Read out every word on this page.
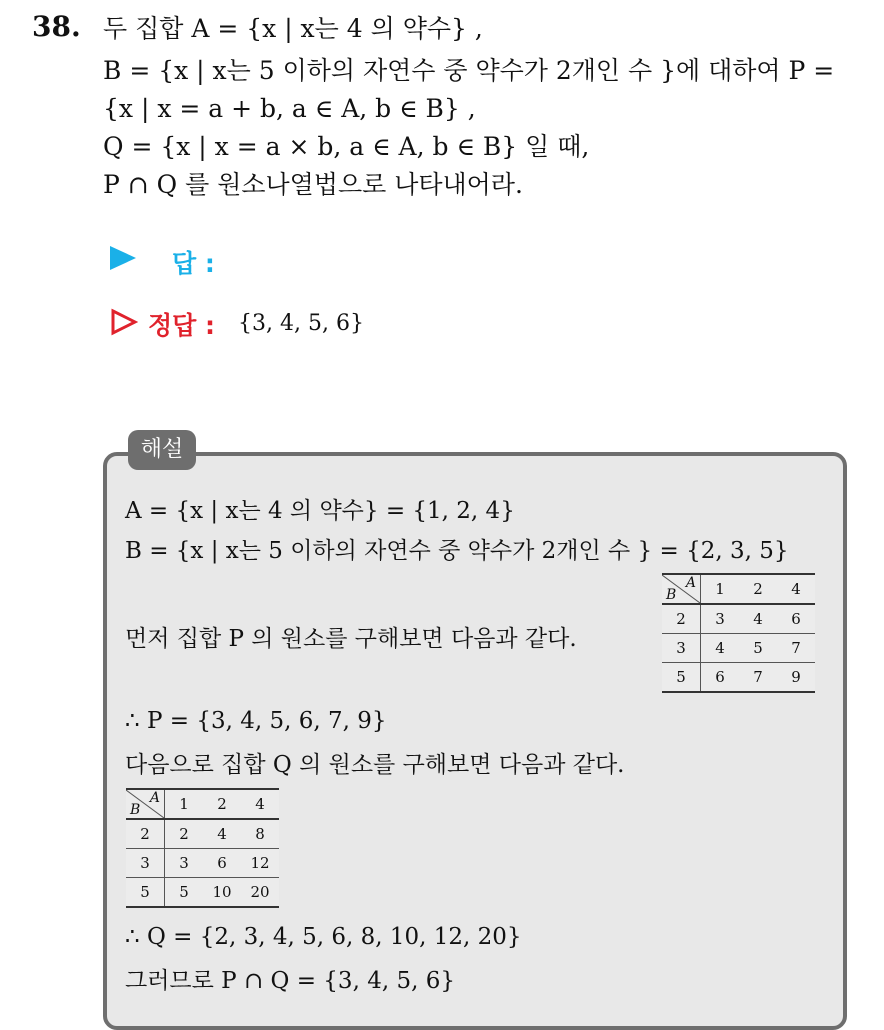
38. 두 집합 A = {x | x는 4 의 약수} ,
B = {x | x는 5 이하의 자연수 중 약수가 2개인 수 }에 대하여 P =
{x | x = a + b, a ∈ A, b ∈ B} ,
Q = {x | x = a × b, a ∈ A, b ∈ B} 일 때,
P ∩ Q 를 원소나열법으로 나타내어라.
답 :
정답 : {3, 4, 5, 6}
해설
A = {x | x는 4 의 약수} = {1, 2, 4}
B = {x | x는 5 이하의 자연수 중 약수가 2개인 수 } = {2, 3, 5}
먼저 집합 P 의 원소를 구해보면 다음과 같다.
A
B	1	2	4
2	3	4	6
3	4	5	7
5	6	7	9
∴ P = {3, 4, 5, 6, 7, 9}
다음으로 집합 Q 의 원소를 구해보면 다음과 같다.
A
B	1	2	4
2	2	4	8
3	3	6	12
5	5	10	20
∴ Q = {2, 3, 4, 5, 6, 8, 10, 12, 20}
그러므로 P ∩ Q = {3, 4, 5, 6}
